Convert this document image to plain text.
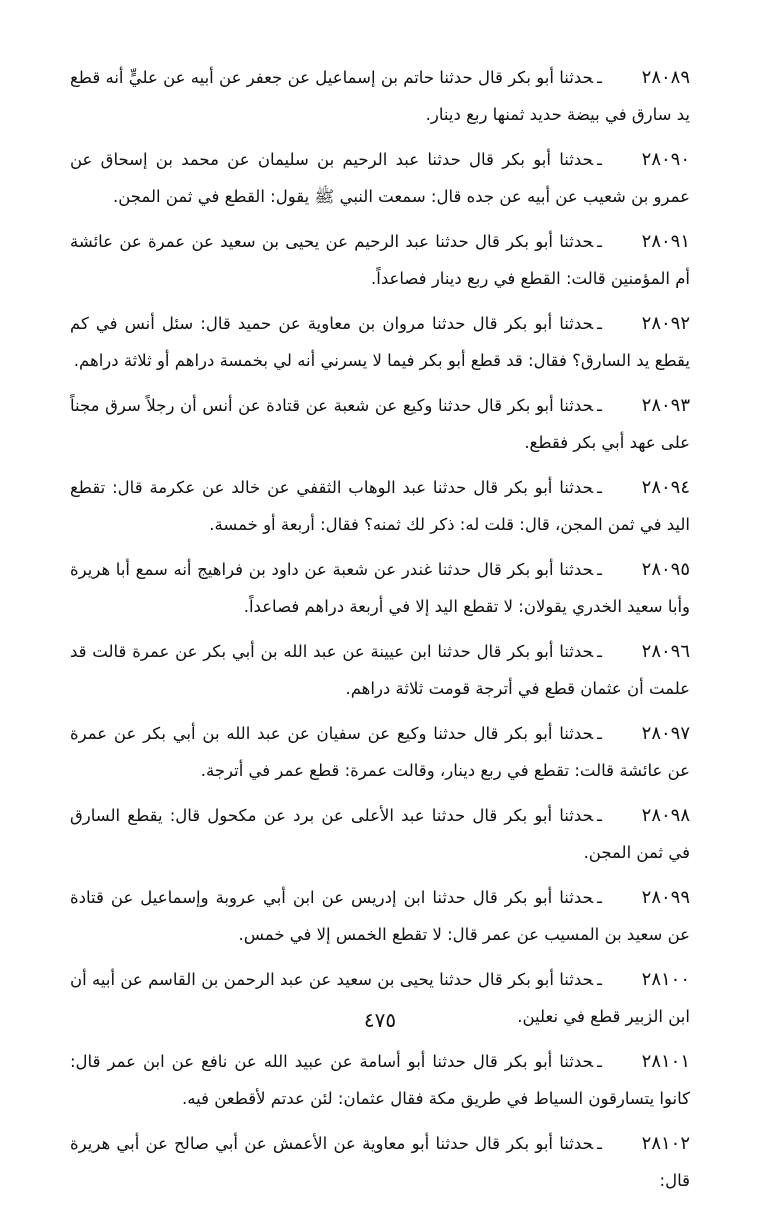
٢٨٠٨٩ـحدثنا أبو بكر قال حدثنا حاتم بن إسماعيل عن جعفر عن أبيه عن عليٍّ أنه قطع يد سارق في بيضة حديد ثمنها ربع دينار.

٢٨٠٩٠ـحدثنا أبو بكر قال حدثنا عبد الرحيم بن سليمان عن محمد بن إسحاق عن عمرو بن شعيب عن أبيه عن جده قال: سمعت النبي ﷺ يقول: القطع في ثمن المجن.

٢٨٠٩١ـحدثنا أبو بكر قال حدثنا عبد الرحيم عن يحيى بن سعيد عن عمرة عن عائشة أم المؤمنين قالت: القطع في ربع دينار فصاعداً.

٢٨٠٩٢ـحدثنا أبو بكر قال حدثنا مروان بن معاوية عن حميد قال: سئل أنس في كم يقطع يد السارق؟ فقال: قد قطع أبو بكر فيما لا يسرني أنه لي بخمسة دراهم أو ثلاثة دراهم.

٢٨٠٩٣ـحدثنا أبو بكر قال حدثنا وكيع عن شعبة عن قتادة عن أنس أن رجلاً سرق مجناً على عهد أبي بكر فقطع.

٢٨٠٩٤ـحدثنا أبو بكر قال حدثنا عبد الوهاب الثقفي عن خالد عن عكرمة قال: تقطع اليد في ثمن المجن، قال: قلت له: ذكر لك ثمنه؟ فقال: أربعة أو خمسة.

٢٨٠٩٥ـحدثنا أبو بكر قال حدثنا غندر عن شعبة عن داود بن فراهيج أنه سمع أبا هريرة وأبا سعيد الخدري يقولان: لا تقطع اليد إلا في أربعة دراهم فصاعداً.

٢٨٠٩٦ـحدثنا أبو بكر قال حدثنا ابن عيينة عن عبد الله بن أبي بكر عن عمرة قالت قد علمت أن عثمان قطع في أترجة قومت ثلاثة دراهم.

٢٨٠٩٧ـحدثنا أبو بكر قال حدثنا وكيع عن سفيان عن عبد الله بن أبي بكر عن عمرة عن عائشة قالت: تقطع في ربع دينار، وقالت عمرة: قطع عمر في أترجة.

٢٨٠٩٨ـحدثنا أبو بكر قال حدثنا عبد الأعلى عن برد عن مكحول قال: يقطع السارق في ثمن المجن.

٢٨٠٩٩ـحدثنا أبو بكر قال حدثنا ابن إدريس عن ابن أبي عروبة وإسماعيل عن قتادة عن سعيد بن المسيب عن عمر قال: لا تقطع الخمس إلا في خمس.

٢٨١٠٠ـحدثنا أبو بكر قال حدثنا يحيى بن سعيد عن عبد الرحمن بن القاسم عن أبيه أن ابن الزبير قطع في نعلين.

٢٨١٠١ـحدثنا أبو بكر قال حدثنا أبو أسامة عن عبيد الله عن نافع عن ابن عمر قال: كانوا يتسارقون السياط في طريق مكة فقال عثمان: لئن عدتم لأقطعن فيه.

٢٨١٠٢ـحدثنا أبو بكر قال حدثنا أبو معاوية عن الأعمش عن أبي صالح عن أبي هريرة قال:

٤٧٥
